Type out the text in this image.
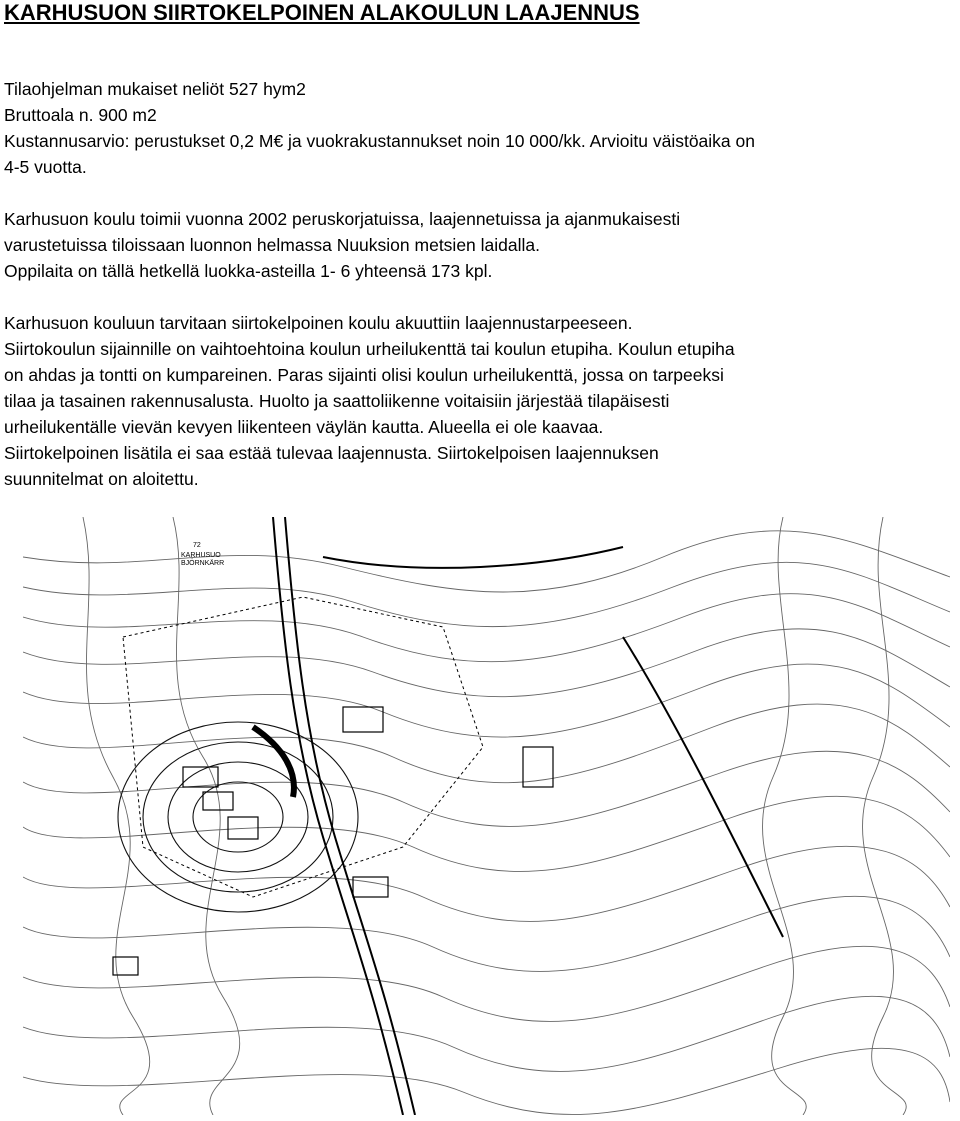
KARHUSUON SIIRTOKELPOINEN ALAKOULUN LAAJENNUS

Tilaohjelman mukaiset neliöt 527 hym2
Bruttoala n. 900 m2
Kustannusarvio: perustukset 0,2 M€ ja vuokrakustannukset noin 10 000/kk. Arvioitu väistöaika on
4-5 vuotta.

Karhusuon koulu toimii vuonna 2002 peruskorjatuissa, laajennetuissa ja ajanmukaisesti
varustetuissa tiloissaan luonnon helmassa Nuuksion metsien laidalla.
Oppilaita on tällä hetkellä luokka-asteilla 1- 6 yhteensä 173 kpl.

Karhusuon kouluun tarvitaan siirtokelpoinen koulu akuuttiin laajennustarpeeseen.
Siirtokoulun sijainnille on vaihtoehtoina koulun urheilukenttä tai koulun etupiha. Koulun etupiha
on ahdas ja tontti on kumpareinen. Paras sijainti olisi koulun urheilukenttä, jossa on tarpeeksi
tilaa ja tasainen rakennusalusta. Huolto ja saattoliikenne voitaisiin järjestää tilapäisesti
urheilukentälle vievän kevyen liikenteen väylän kautta. Alueella ei ole kaavaa.
Siirtokelpoinen lisätila ei saa estää tulevaa laajennusta. Siirtokelpoisen laajennuksen
suunnitelmat on aloitettu.

72
KARHUSUO
BJÖRNKÄRR
